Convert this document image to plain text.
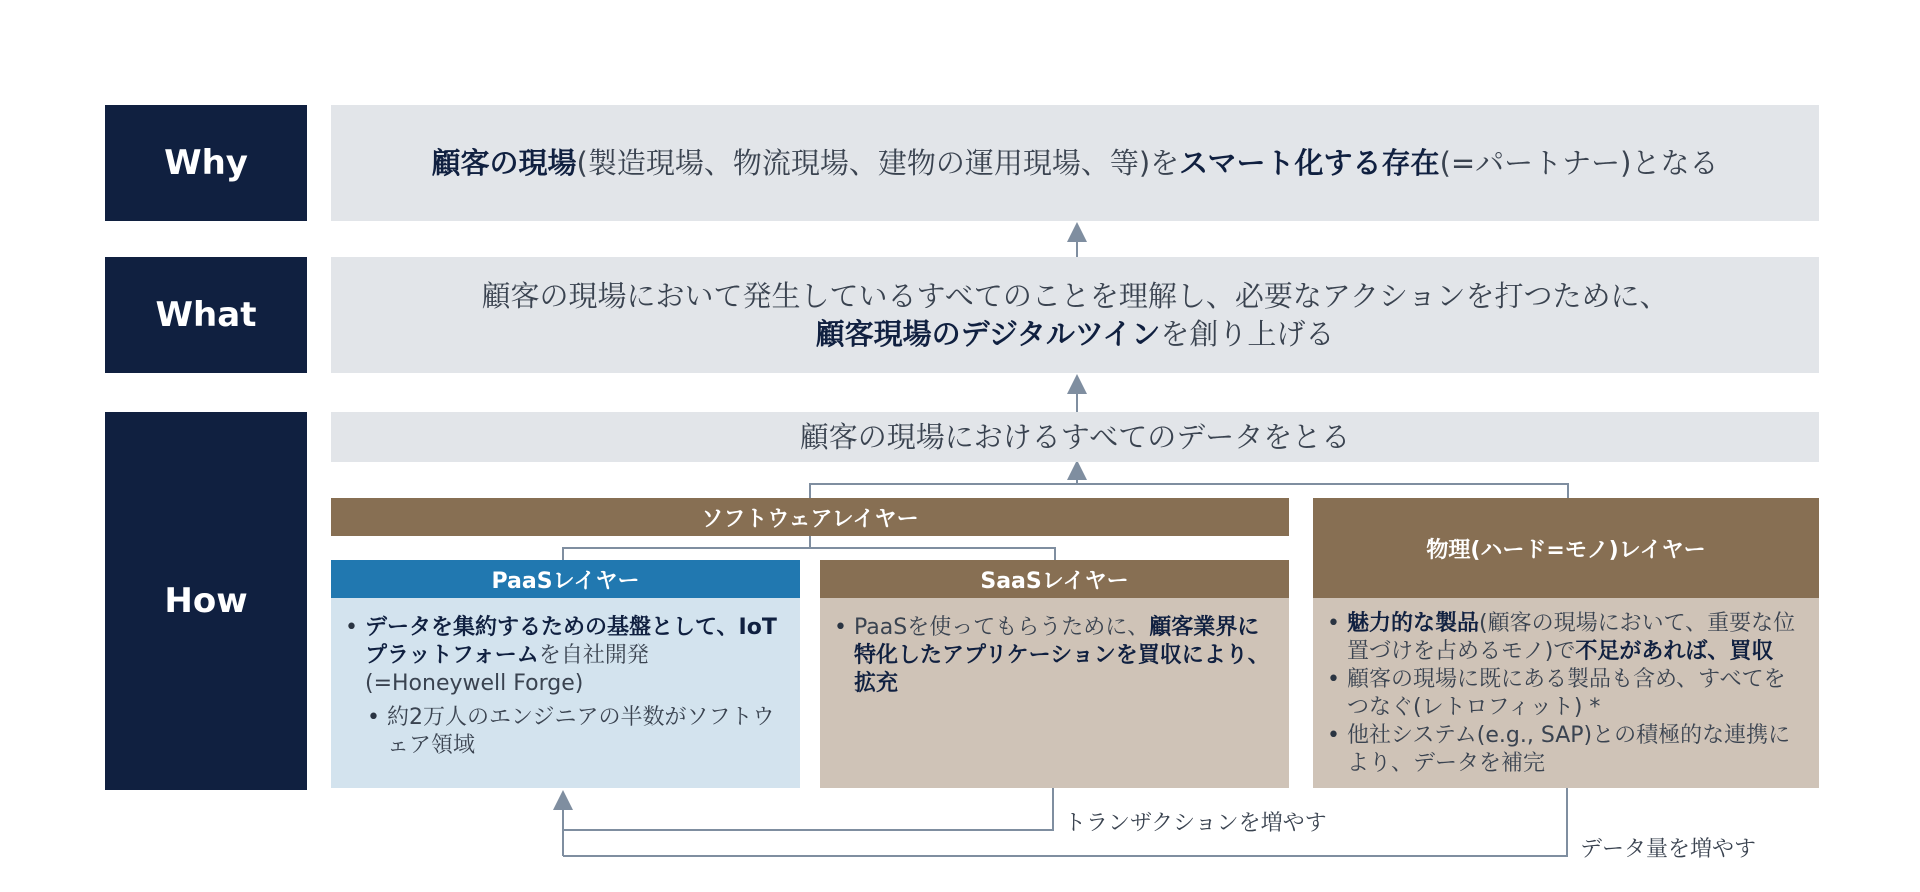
Why
What
How
顧客の現場(製造現場、物流現場、建物の運用現場、等)をスマート化する存在(=パートナー)となる
顧客の現場において発生しているすべてのことを理解し、必要なアクションを打つために、
顧客現場のデジタルツインを創り上げる
顧客の現場におけるすべてのデータをとる
ソフトウェアレイヤー
PaaSレイヤー
• データを集約するための基盤として、IoTプラットフォームを自社開発(=Honeywell Forge)
• 約2万人のエンジニアの半数がソフトウェア領域
SaaSレイヤー
• PaaSを使ってもらうために、顧客業界に特化したアプリケーションを買収により、拡充
物理(ハード=モノ)レイヤー
• 魅力的な製品(顧客の現場において、重要な位置づけを占めるモノ)で不足があれば、買収
• 顧客の現場に既にある製品も含め、すべてをつなぐ(レトロフィット) *
• 他社システム(e.g., SAP)との積極的な連携により、データを補完
トランザクションを増やす
データ量を増やす
